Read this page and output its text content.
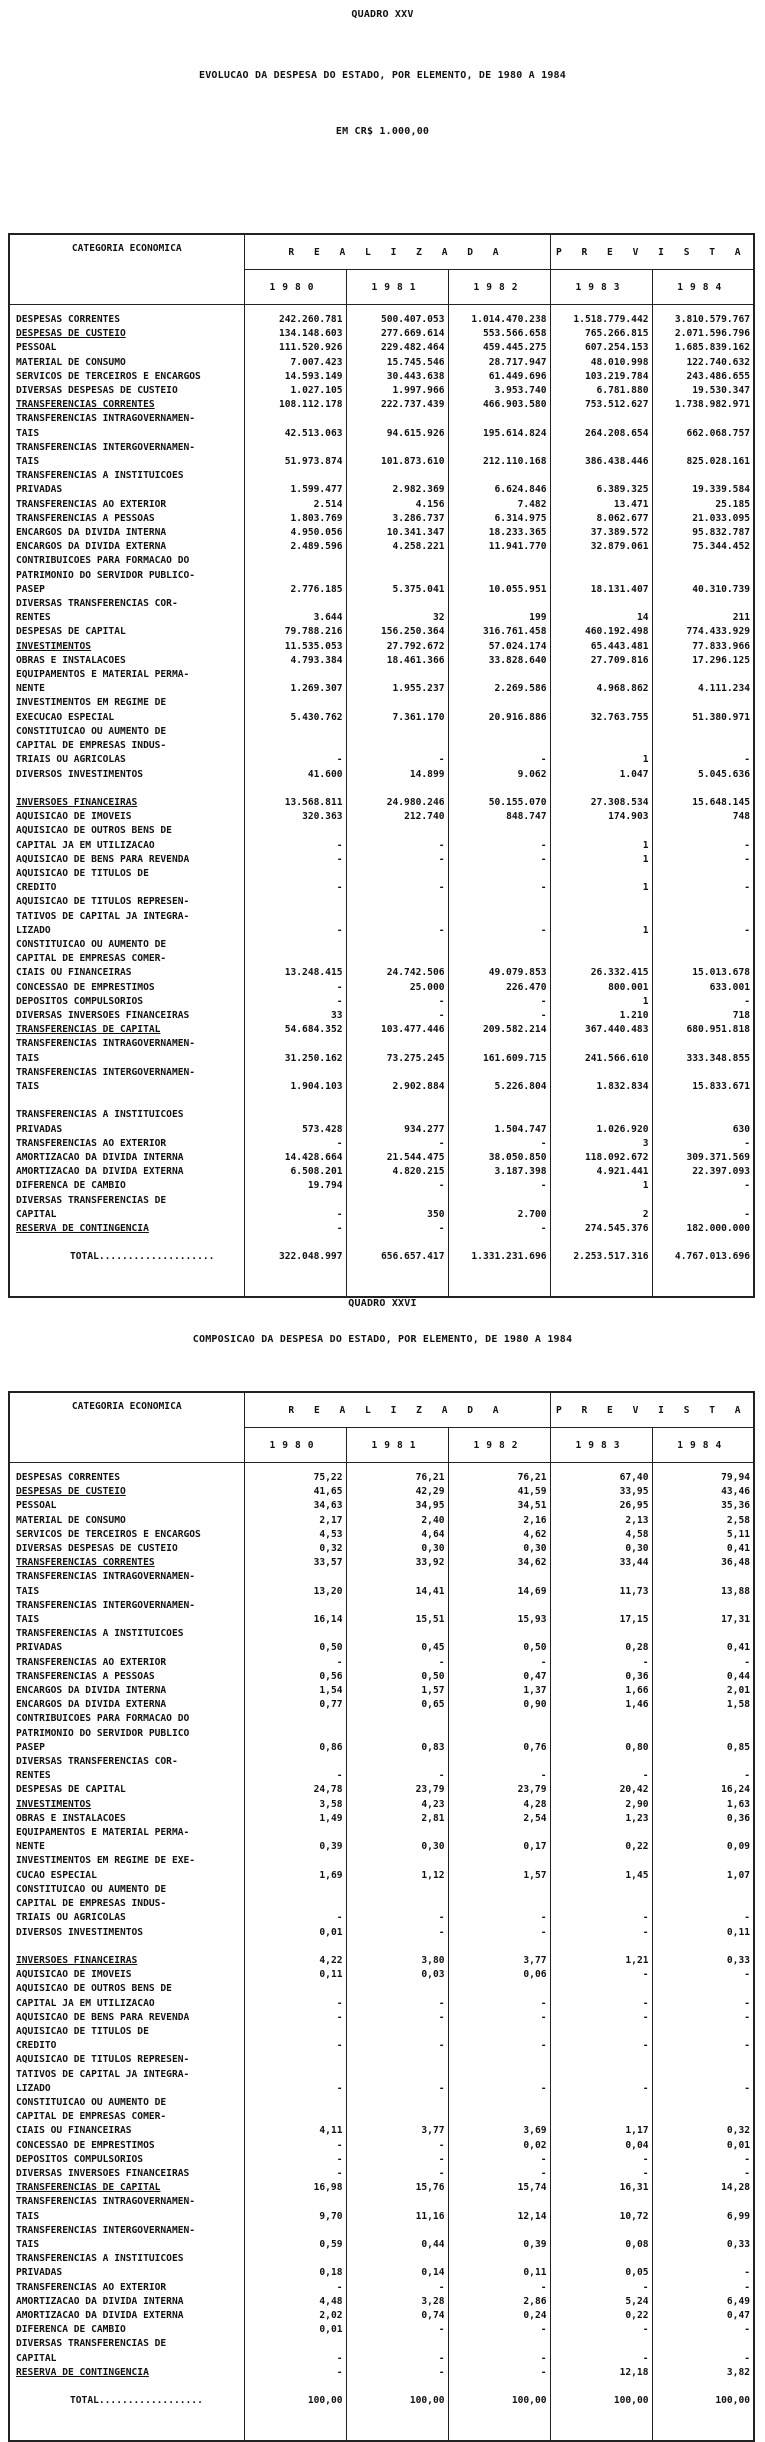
QUADRO XXV
EVOLUCAO DA DESPESA DO ESTADO, POR ELEMENTO, DE 1980 A 1984
EM CR$ 1.000,00
CATEGORIA ECONOMICA	R E A L I Z A D A			P R E V I S T A	
	1980	1981	1982	1983	1984
DESPESAS CORRENTES	242.260.781	500.407.053	1.014.470.238	1.518.779.442	3.810.579.767
DESPESAS DE CUSTEIO	134.148.603	277.669.614	553.566.658	765.266.815	2.071.596.796
PESSOAL	111.520.926	229.482.464	459.445.275	607.254.153	1.685.839.162
MATERIAL DE CONSUMO	7.007.423	15.745.546	28.717.947	48.010.998	122.740.632
SERVICOS DE TERCEIROS E ENCARGOS	14.593.149	30.443.638	61.449.696	103.219.784	243.486.655
DIVERSAS DESPESAS DE CUSTEIO	1.027.105	1.997.966	3.953.740	6.781.880	19.530.347
TRANSFERENCIAS CORRENTES	108.112.178	222.737.439	466.903.580	753.512.627	1.738.982.971
TRANSFERENCIAS INTRAGOVERNAMEN-					
TAIS	42.513.063	94.615.926	195.614.824	264.208.654	662.068.757
TRANSFERENCIAS INTERGOVERNAMEN-					
TAIS	51.973.874	101.873.610	212.110.168	386.438.446	825.028.161
TRANSFERENCIAS A INSTITUICOES					
PRIVADAS	1.599.477	2.982.369	6.624.846	6.389.325	19.339.584
TRANSFERENCIAS AO EXTERIOR	2.514	4.156	7.482	13.471	25.185
TRANSFERENCIAS A PESSOAS	1.803.769	3.286.737	6.314.975	8.062.677	21.033.095
ENCARGOS DA DIVIDA INTERNA	4.950.056	10.341.347	18.233.365	37.389.572	95.832.787
ENCARGOS DA DIVIDA EXTERNA	2.489.596	4.258.221	11.941.770	32.879.061	75.344.452
CONTRIBUICOES PARA FORMACAO DO					
PATRIMONIO DO SERVIDOR PUBLICO-					
PASEP	2.776.185	5.375.041	10.055.951	18.131.407	40.310.739
DIVERSAS TRANSFERENCIAS COR-					
RENTES	3.644	32	199	14	211
DESPESAS DE CAPITAL	79.788.216	156.250.364	316.761.458	460.192.498	774.433.929
INVESTIMENTOS	11.535.053	27.792.672	57.024.174	65.443.481	77.833.966
OBRAS E INSTALACOES	4.793.384	18.461.366	33.828.640	27.709.816	17.296.125
EQUIPAMENTOS E MATERIAL PERMA-					
NENTE	1.269.307	1.955.237	2.269.586	4.968.862	4.111.234
INVESTIMENTOS EM REGIME DE					
EXECUCAO ESPECIAL	5.430.762	7.361.170	20.916.886	32.763.755	51.380.971
CONSTITUICAO OU AUMENTO DE					
CAPITAL DE EMPRESAS INDUS-					
TRIAIS OU AGRICOLAS	-	-	-	1	-
DIVERSOS INVESTIMENTOS	41.600	14.899	9.062	1.047	5.045.636

INVERSOES FINANCEIRAS	13.568.811	24.980.246	50.155.070	27.308.534	15.648.145
AQUISICAO DE IMOVEIS	320.363	212.740	848.747	174.903	748
AQUISICAO DE OUTROS BENS DE					
CAPITAL JA EM UTILIZACAO	-	-	-	1	-
AQUISICAO DE BENS PARA REVENDA	-	-	-	1	-
AQUISICAO DE TITULOS DE					
CREDITO	-	-	-	1	-
AQUISICAO DE TITULOS REPRESEN-					
TATIVOS DE CAPITAL JA INTEGRA-					
LIZADO	-	-	-	1	-
CONSTITUICAO OU AUMENTO DE					
CAPITAL DE EMPRESAS COMER-					
CIAIS OU FINANCEIRAS	13.248.415	24.742.506	49.079.853	26.332.415	15.013.678
CONCESSAO DE EMPRESTIMOS	-	25.000	226.470	800.001	633.001
DEPOSITOS COMPULSORIOS	-	-	-	1	-
DIVERSAS INVERSOES FINANCEIRAS	33	-	-	1.210	718
TRANSFERENCIAS DE CAPITAL	54.684.352	103.477.446	209.582.214	367.440.483	680.951.818
TRANSFERENCIAS INTRAGOVERNAMEN-					
TAIS	31.250.162	73.275.245	161.609.715	241.566.610	333.348.855
TRANSFERENCIAS INTERGOVERNAMEN-					
TAIS	1.904.103	2.902.884	5.226.804	1.832.834	15.833.671

TRANSFERENCIAS A INSTITUICOES					
PRIVADAS	573.428	934.277	1.504.747	1.026.920	630
TRANSFERENCIAS AO EXTERIOR	-	-	-	3	-
AMORTIZACAO DA DIVIDA INTERNA	14.428.664	21.544.475	38.050.850	118.092.672	309.371.569
AMORTIZACAO DA DIVIDA EXTERNA	6.508.201	4.820.215	3.187.398	4.921.441	22.397.093
DIFERENCA DE CAMBIO	19.794	-	-	1	-
DIVERSAS TRANSFERENCIAS DE					
CAPITAL	-	350	2.700	2	-
RESERVA DE CONTINGENCIA	-	-	-	274.545.376	182.000.000
TOTAL....................	322.048.997	656.657.417	1.331.231.696	2.253.517.316	4.767.013.696

QUADRO XXVI
COMPOSICAO DA DESPESA DO ESTADO, POR ELEMENTO, DE 1980 A 1984
CATEGORIA ECONOMICA	R E A L I Z A D A			P R E V I S T A	
	1980	1981	1982	1983	1984
DESPESAS CORRENTES	75,22	76,21	76,21	67,40	79,94
DESPESAS DE CUSTEIO	41,65	42,29	41,59	33,95	43,46
PESSOAL	34,63	34,95	34,51	26,95	35,36
MATERIAL DE CONSUMO	2,17	2,40	2,16	2,13	2,58
SERVICOS DE TERCEIROS E ENCARGOS	4,53	4,64	4,62	4,58	5,11
DIVERSAS DESPESAS DE CUSTEIO	0,32	0,30	0,30	0,30	0,41
TRANSFERENCIAS CORRENTES	33,57	33,92	34,62	33,44	36,48
TRANSFERENCIAS INTRAGOVERNAMEN-					
TAIS	13,20	14,41	14,69	11,73	13,88
TRANSFERENCIAS INTERGOVERNAMEN-					
TAIS	16,14	15,51	15,93	17,15	17,31
TRANSFERENCIAS A INSTITUICOES					
PRIVADAS	0,50	0,45	0,50	0,28	0,41
TRANSFERENCIAS AO EXTERIOR	-	-	-	-	-
TRANSFERENCIAS A PESSOAS	0,56	0,50	0,47	0,36	0,44
ENCARGOS DA DIVIDA INTERNA	1,54	1,57	1,37	1,66	2,01
ENCARGOS DA DIVIDA EXTERNA	0,77	0,65	0,90	1,46	1,58
CONTRIBUICOES PARA FORMACAO DO					
PATRIMONIO DO SERVIDOR PUBLICO					
PASEP	0,86	0,83	0,76	0,80	0,85
DIVERSAS TRANSFERENCIAS COR-					
RENTES	-	-	-	-	-
DESPESAS DE CAPITAL	24,78	23,79	23,79	20,42	16,24
INVESTIMENTOS	3,58	4,23	4,28	2,90	1,63
OBRAS E INSTALACOES	1,49	2,81	2,54	1,23	0,36
EQUIPAMENTOS E MATERIAL PERMA-					
NENTE	0,39	0,30	0,17	0,22	0,09
INVESTIMENTOS EM REGIME DE EXE-					
CUCAO ESPECIAL	1,69	1,12	1,57	1,45	1,07
CONSTITUICAO OU AUMENTO DE					
CAPITAL DE EMPRESAS INDUS-					
TRIAIS OU AGRICOLAS	-	-	-	-	-
DIVERSOS INVESTIMENTOS	0,01	-	-	-	0,11

INVERSOES FINANCEIRAS	4,22	3,80	3,77	1,21	0,33
AQUISICAO DE IMOVEIS	0,11	0,03	0,06	-	-
AQUISICAO DE OUTROS BENS DE					
CAPITAL JA EM UTILIZACAO	-	-	-	-	-
AQUISICAO DE BENS PARA REVENDA	-	-	-	-	-
AQUISICAO DE TITULOS DE					
CREDITO	-	-	-	-	-
AQUISICAO DE TITULOS REPRESEN-					
TATIVOS DE CAPITAL JA INTEGRA-					
LIZADO	-	-	-	-	-
CONSTITUICAO OU AUMENTO DE					
CAPITAL DE EMPRESAS COMER-					
CIAIS OU FINANCEIRAS	4,11	3,77	3,69	1,17	0,32
CONCESSAO DE EMPRESTIMOS	-	-	0,02	0,04	0,01
DEPOSITOS COMPULSORIOS	-	-	-	-	-
DIVERSAS INVERSOES FINANCEIRAS	-	-	-	-	-
TRANSFERENCIAS DE CAPITAL	16,98	15,76	15,74	16,31	14,28
TRANSFERENCIAS INTRAGOVERNAMEN-					
TAIS	9,70	11,16	12,14	10,72	6,99
TRANSFERENCIAS INTERGOVERNAMEN-					
TAIS	0,59	0,44	0,39	0,08	0,33
TRANSFERENCIAS A INSTITUICOES					
PRIVADAS	0,18	0,14	0,11	0,05	-
TRANSFERENCIAS AO EXTERIOR	-	-	-	-	-
AMORTIZACAO DA DIVIDA INTERNA	4,48	3,28	2,86	5,24	6,49
AMORTIZACAO DA DIVIDA EXTERNA	2,02	0,74	0,24	0,22	0,47
DIFERENCA DE CAMBIO	0,01	-	-	-	-
DIVERSAS TRANSFERENCIAS DE					
CAPITAL	-	-	-	-	-
RESERVA DE CONTINGENCIA	-	-	-	12,18	3,82
TOTAL..................	100,00	100,00	100,00	100,00	100,00
